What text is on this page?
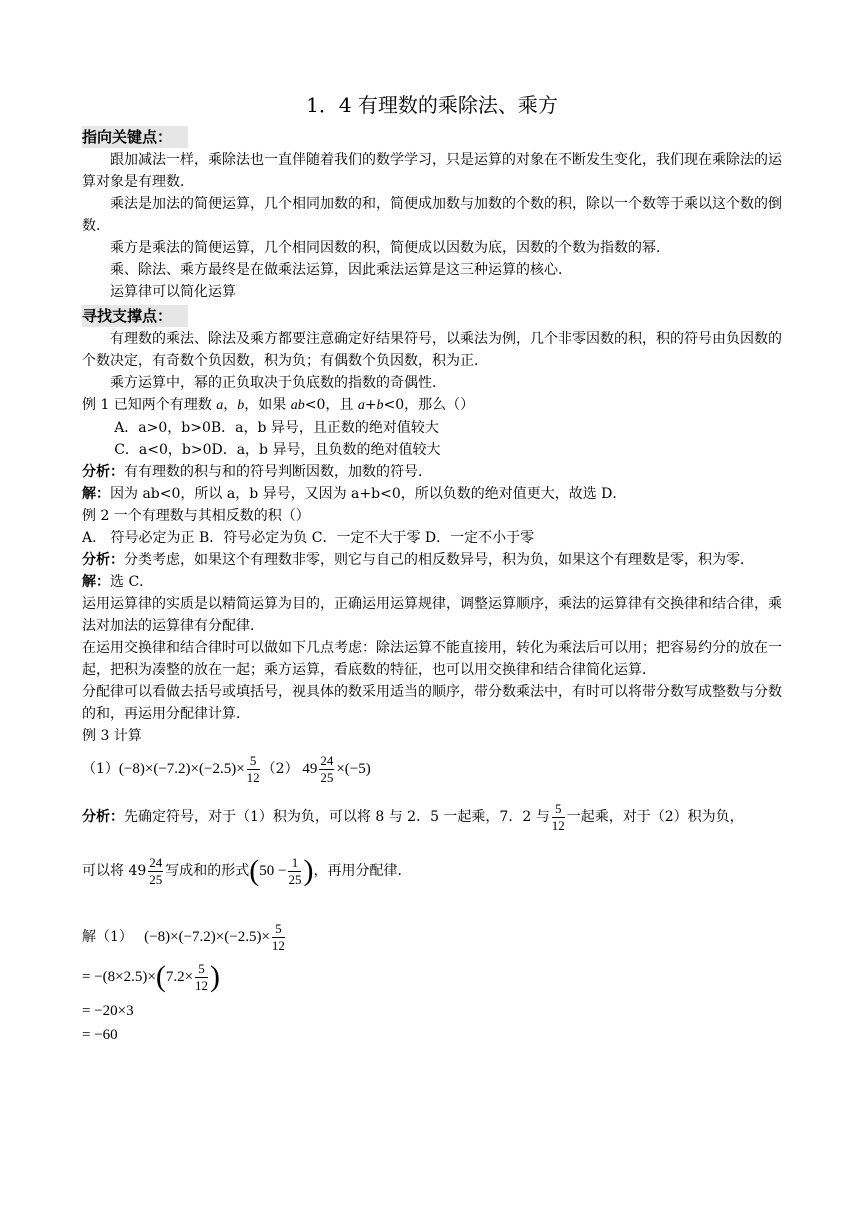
1．4 有理数的乘除法、乘方
指向关键点：

跟加减法一样，乘除法也一直伴随着我们的数学学习，只是运算的对象在不断发生变化，我们现在乘除法的运算对象是有理数．

乘法是加法的简便运算，几个相同加数的和，简便成加数与加数的个数的积，除以一个数等于乘以这个数的倒数．

乘方是乘法的简便运算，几个相同因数的积，简便成以因数为底，因数的个数为指数的幂．

乘、除法、乘方最终是在做乘法运算，因此乘法运算是这三种运算的核心．

运算律可以简化运算

寻找支撑点：

有理数的乘法、除法及乘方都要注意确定好结果符号，以乘法为例，几个非零因数的积，积的符号由负因数的个数决定，有奇数个负因数，积为负；有偶数个负因数，积为正．

乘方运算中，幂的正负取决于负底数的指数的奇偶性．

例 1 已知两个有理数 a，b，如果 ab<0，且 a+b<0，那么（）

A．a>0，b>0B．a，b 异号，且正数的绝对值较大

C．a<0，b>0D．a，b 异号，且负数的绝对值较大

分析：有有理数的积与和的符号判断因数，加数的符号．

解：因为 ab<0，所以 a，b 异号，又因为 a+b<0，所以负数的绝对值更大，故选 D．

例 2 一个有理数与其相反数的积（）

A． 符号必定为正 B．符号必定为负 C．一定不大于零 D．一定不小于零

分析：分类考虑，如果这个有理数非零，则它与自己的相反数异号，积为负，如果这个有理数是零，积为零．

解：选 C．

运用运算律的实质是以精简运算为目的，正确运用运算规律，调整运算顺序，乘法的运算律有交换律和结合律，乘法对加法的运算律有分配律．

在运用交换律和结合律时可以做如下几点考虑：除法运算不能直接用，转化为乘法后可以用；把容易约分的放在一起，把积为凑整的放在一起；乘方运算，看底数的特征，也可以用交换律和结合律简化运算．

分配律可以看做去括号或填括号，视具体的数采用适当的顺序，带分数乘法中，有时可以将带分数写成整数与分数的和，再运用分配律计算．

例 3 计算

（1） $(-8)\times(-7.2)\times(-2.5)\times \frac{5}{12} (2)$ $49 \frac{24}{25} \times(-5)$
分析： 先确定符号，对于（1）积为负，可以将 8 与 2．5 一起乘，7．2 与 $\frac{5}{12}$ 一起乘，对于（2）积为负，
可以将 $49 \frac{24}{25}$ 写成和的形式 ( $50 - \frac{1}{25}$ ) ，再用分配律．
解（1）
$(-8)\times(-7.2)\times(-2.5)\times \frac{5}{12}$
= −(8×2.5)× ( $7.2\times \frac{5}{12}$ )
= −20×3
= −60
